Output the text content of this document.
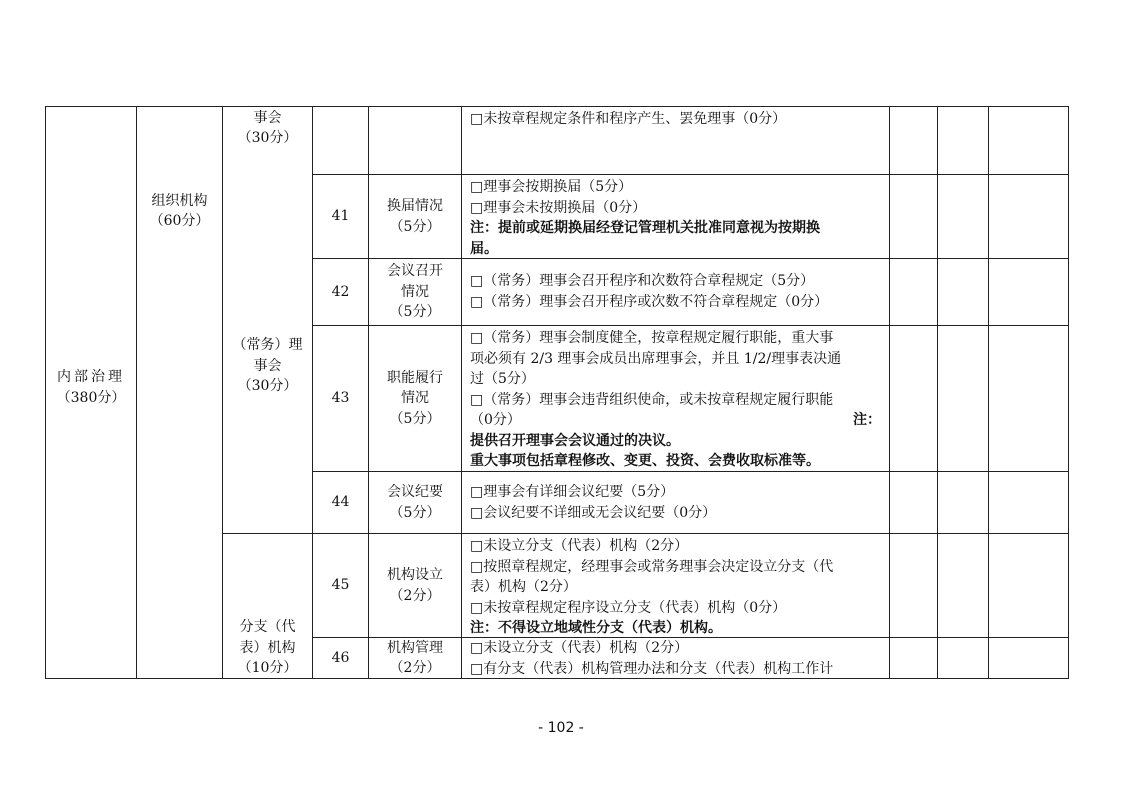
内部治理
（380分）
组织机构
（60分）
事会
（30分）
（常务）理
事会
（30分）
分支（代
表）机构
（10分）
□未按章程规定条件和程序产生、罢免理事（0分）
41
换届情况
（5分）
□理事会按期换届（5分）
□理事会未按期换届（0分）
注：提前或延期换届经登记管理机关批准同意视为按期换
届。
42
会议召开
情况
（5分）
□（常务）理事会召开程序和次数符合章程规定（5分）
□（常务）理事会召开程序或次数不符合章程规定（0分）
43
职能履行
情况
（5分）
□（常务）理事会制度健全，按章程规定履行职能，重大事
项必须有 2/3 理事会成员出席理事会，并且 1/2/理事表决通
过（5分）
□（常务）理事会违背组织使命，或未按章程规定履行职能
（0分）	注：
提供召开理事会会议通过的决议。
重大事项包括章程修改、变更、投资、会费收取标准等。
44
会议纪要
（5分）
□理事会有详细会议纪要（5分）
□会议纪要不详细或无会议纪要（0分）
45
机构设立
（2分）
□未设立分支（代表）机构（2分）
□按照章程规定，经理事会或常务理事会决定设立分支（代
表）机构（2分）
□未按章程规定程序设立分支（代表）机构（0分）
注：不得设立地域性分支（代表）机构。
46
机构管理
（2分）
□未设立分支（代表）机构（2分）
□有分支（代表）机构管理办法和分支（代表）机构工作计
- 102 -
